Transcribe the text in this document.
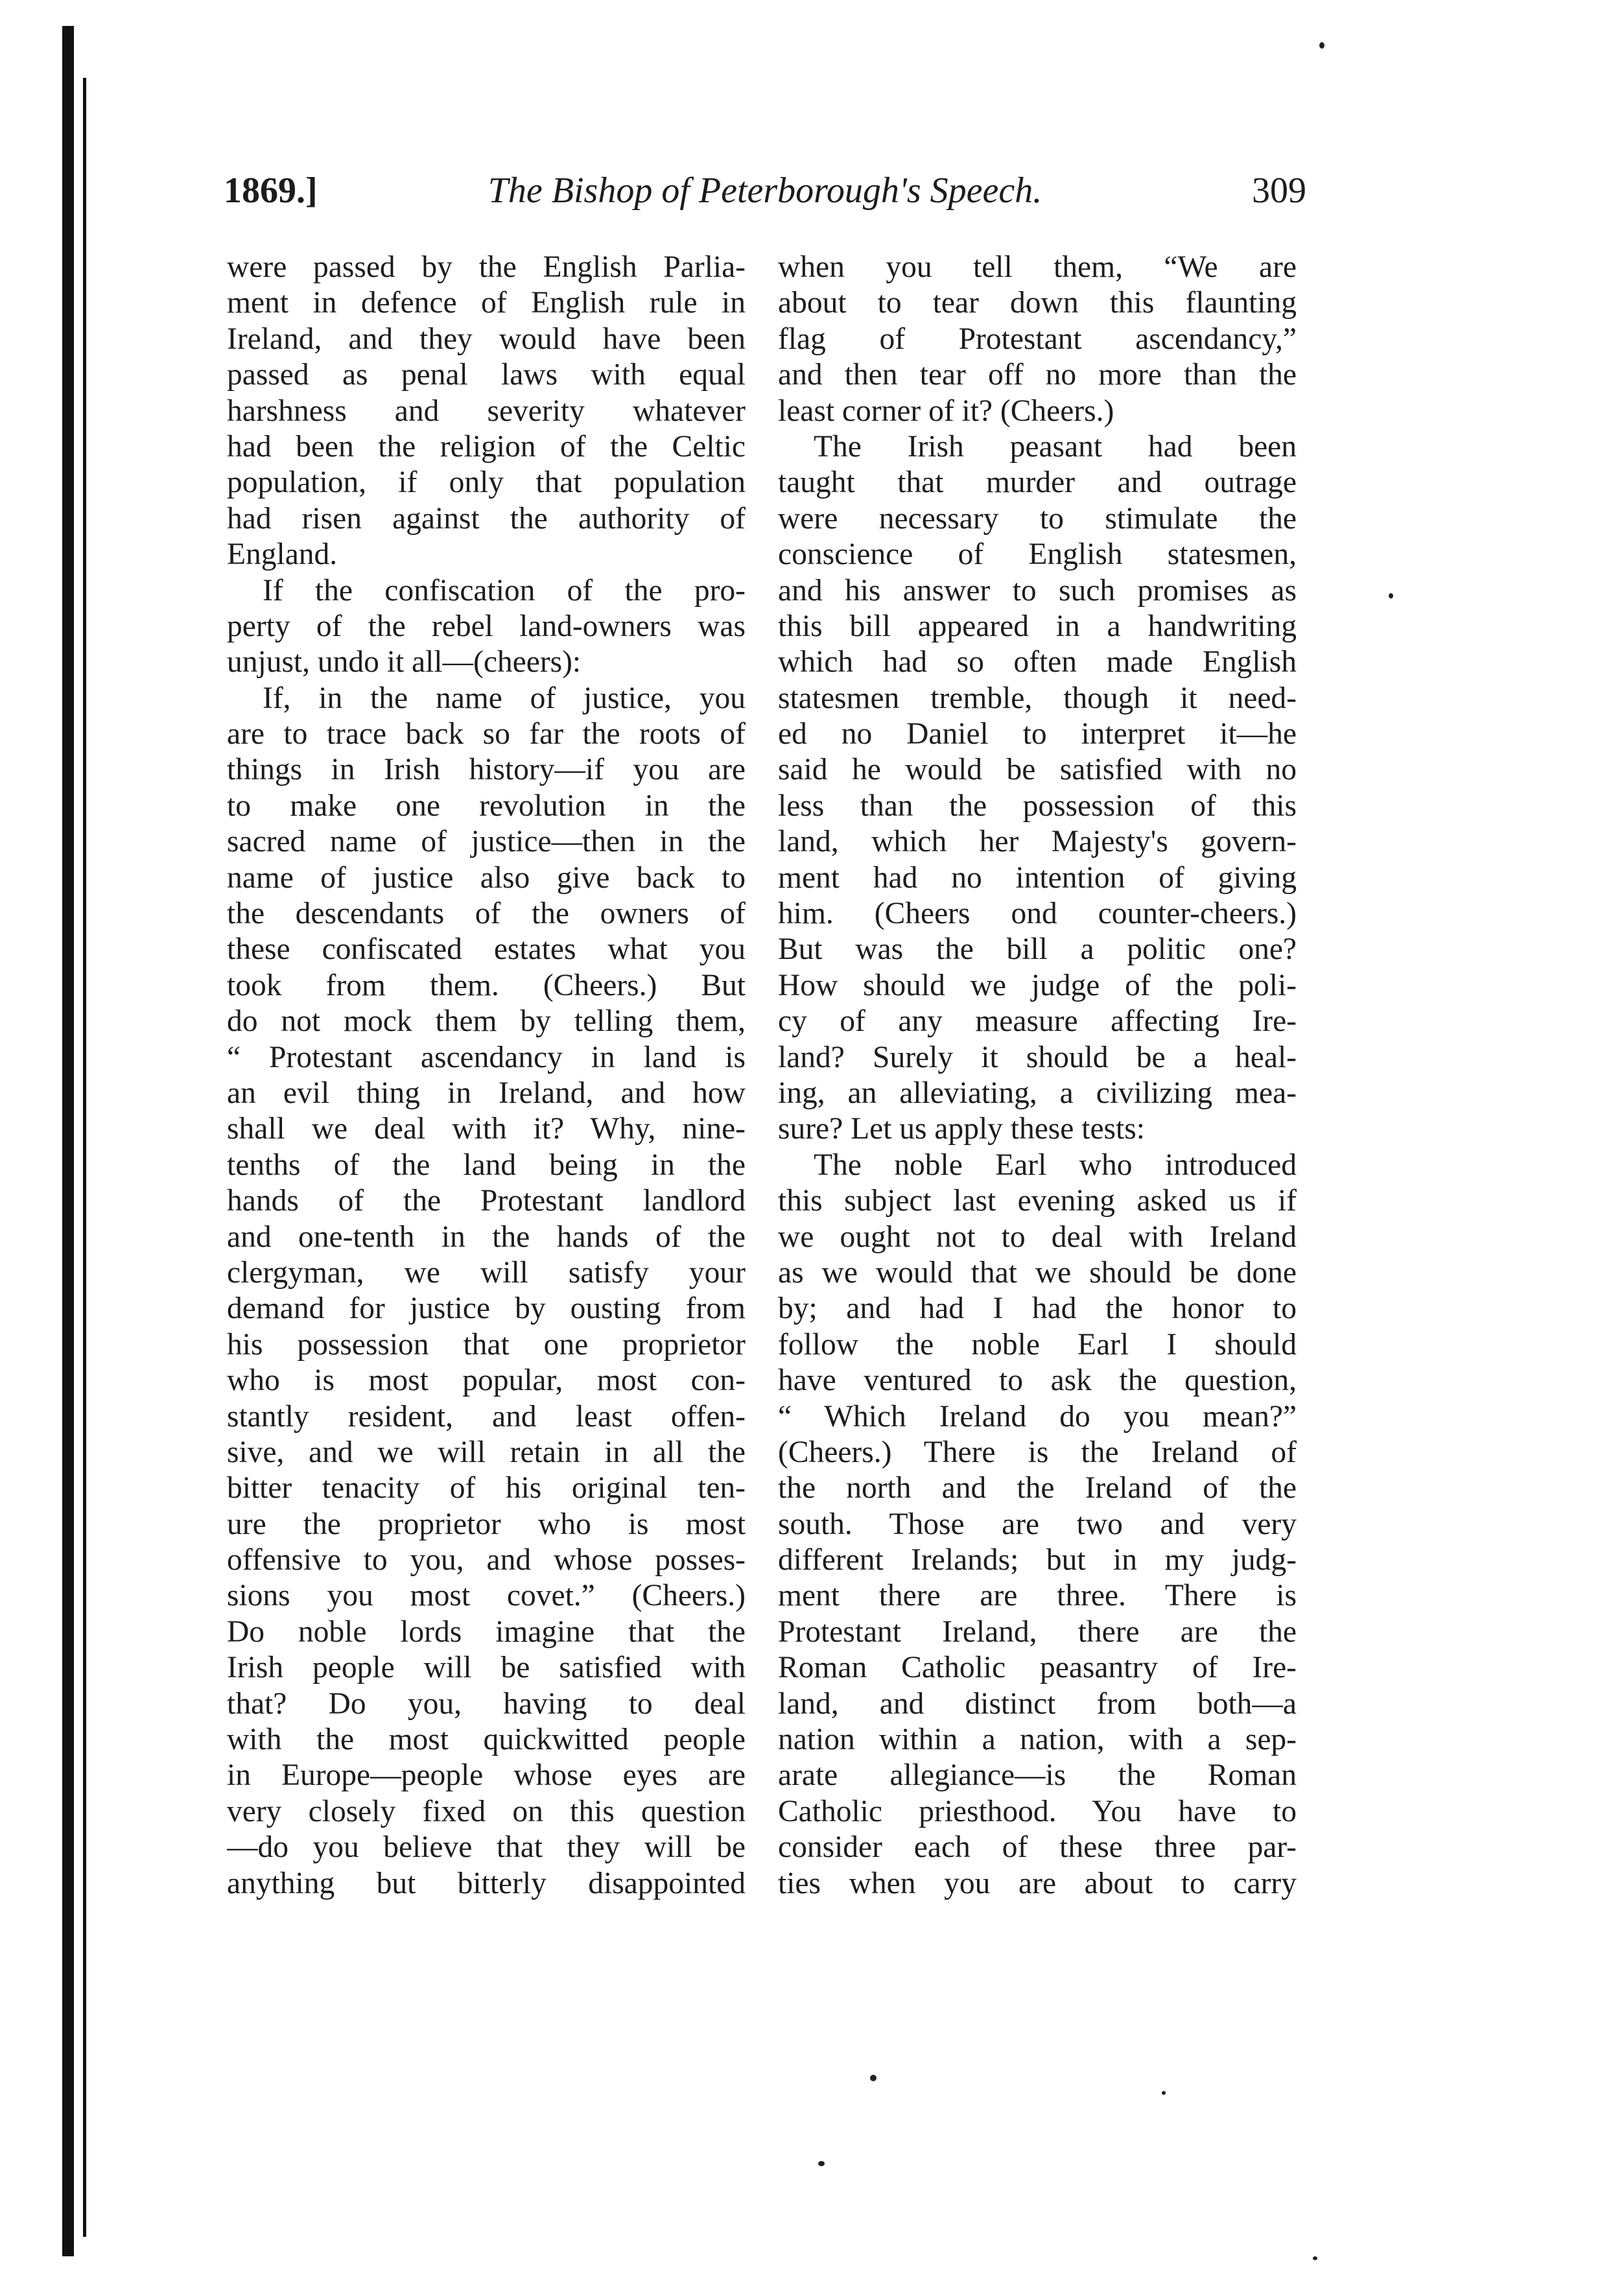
The Bishop of Peterborough's Speech.
1869.]	309
were passed by the English Parlia-
ment in defence of English rule in
Ireland, and they would have been
passed as penal laws with equal
harshness and severity whatever
had been the religion of the Celtic
population, if only that population
had risen against the authority of
England.
If the confiscation of the pro-
perty of the rebel land-owners was
unjust, undo it all—(cheers):
If, in the name of justice, you
are to trace back so far the roots of
things in Irish history—if you are
to make one revolution in the
sacred name of justice—then in the
name of justice also give back to
the descendants of the owners of
these confiscated estates what you
took from them. (Cheers.) But
do not mock them by telling them,
“ Protestant ascendancy in land is
an evil thing in Ireland, and how
shall we deal with it? Why, nine-
tenths of the land being in the
hands of the Protestant landlord
and one-tenth in the hands of the
clergyman, we will satisfy your
demand for justice by ousting from
his possession that one proprietor
who is most popular, most con-
stantly resident, and least offen-
sive, and we will retain in all the
bitter tenacity of his original ten-
ure the proprietor who is most
offensive to you, and whose posses-
sions you most covet.” (Cheers.)
Do noble lords imagine that the
Irish people will be satisfied with
that? Do you, having to deal
with the most quickwitted people
in Europe—people whose eyes are
very closely fixed on this question
—do you believe that they will be
anything but bitterly disappointed
when you tell them, “We are
about to tear down this flaunting
flag of Protestant ascendancy,”
and then tear off no more than the
least corner of it? (Cheers.)
The Irish peasant had been
taught that murder and outrage
were necessary to stimulate the
conscience of English statesmen,
and his answer to such promises as
this bill appeared in a handwriting
which had so often made English
statesmen tremble, though it need-
ed no Daniel to interpret it—he
said he would be satisfied with no
less than the possession of this
land, which her Majesty's govern-
ment had no intention of giving
him. (Cheers ond counter-cheers.)
But was the bill a politic one?
How should we judge of the poli-
cy of any measure affecting Ire-
land? Surely it should be a heal-
ing, an alleviating, a civilizing mea-
sure? Let us apply these tests:
The noble Earl who introduced
this subject last evening asked us if
we ought not to deal with Ireland
as we would that we should be done
by; and had I had the honor to
follow the noble Earl I should
have ventured to ask the question,
“ Which Ireland do you mean?”
(Cheers.) There is the Ireland of
the north and the Ireland of the
south. Those are two and very
different Irelands; but in my judg-
ment there are three. There is
Protestant Ireland, there are the
Roman Catholic peasantry of Ire-
land, and distinct from both—a
nation within a nation, with a sep-
arate allegiance—is the Roman
Catholic priesthood. You have to
consider each of these three par-
ties when you are about to carry
